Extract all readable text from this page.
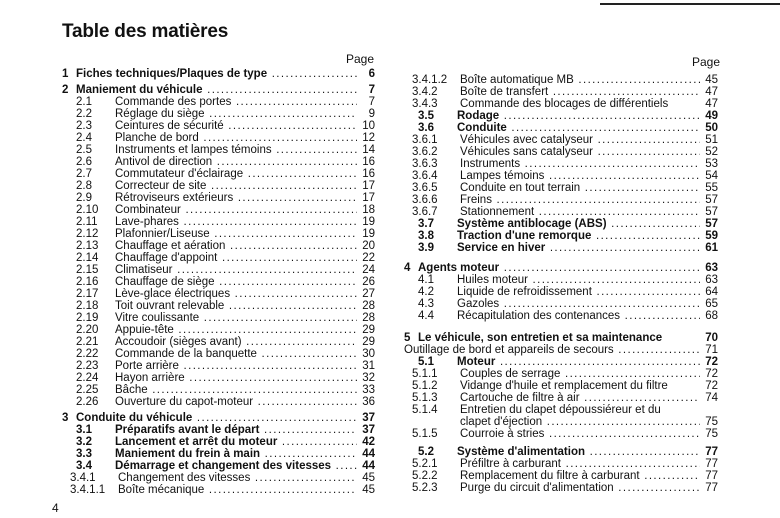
Table des matières
Page	Page
1 Fiches techniques/Plaques de type .....	6
2 Maniement du véhicule .....	7
2.1 Commande des portes .....	7
2.2 Réglage du siège .....	9
2.3 Ceintures de sécurité .....	10
2.4 Planche de bord .....	12
2.5 Instruments et lampes témoins .....	14
2.6 Antivol de direction .....	16
2.7 Commutateur d'éclairage .....	16
2.8 Correcteur de site .....	17
2.9 Rétroviseurs extérieurs .....	17
2.10 Combinateur .....	18
2.11 Lave-phares .....	19
2.12 Plafonnier/Liseuse .....	19
2.13 Chauffage et aération .....	20
2.14 Chauffage d'appoint .....	22
2.15 Climatiseur .....	24
2.16 Chauffage de siège .....	26
2.17 Lève-glace électriques .....	27
2.18 Toit ouvrant relevable .....	28
2.19 Vitre coulissante .....	28
2.20 Appuie-tête .....	29
2.21 Accoudoir (sièges avant) .....	29
2.22 Commande de la banquette .....	30
2.23 Porte arrière .....	31
2.24 Hayon arrière .....	32
2.25 Bâche .....	33
2.26 Ouverture du capot-moteur .....	36
3 Conduite du véhicule .....	37
3.1 Préparatifs avant le départ .....	37
3.2 Lancement et arrêt du moteur .....	42
3.3 Maniement du frein à main .....	44
3.4 Démarrage et changement des vitesses .....	44
3.4.1 Changement des vitesses .....	45
3.4.1.1 Boîte mécanique .....	45
3.4.1.2 Boîte automatique MB .....	45
3.4.2 Boîte de transfert .....	47
3.4.3 Commande des blocages de différentiels	47
3.5 Rodage .....	49
3.6 Conduite .....	50
3.6.1 Véhicules avec catalyseur .....	51
3.6.2 Véhicules sans catalyseur .....	52
3.6.3 Instruments .....	53
3.6.4 Lampes témoins .....	54
3.6.5 Conduite en tout terrain .....	55
3.6.6 Freins .....	57
3.6.7 Stationnement .....	57
3.7 Système antiblocage (ABS) .....	57
3.8 Traction d'une remorque .....	59
3.9 Service en hiver .....	61
4 Agents moteur .....	63
4.1 Huiles moteur .....	63
4.2 Liquide de refroidissement .....	64
4.3 Gazoles .....	65
4.4 Récapitulation des contenances .....	68
5 Le véhicule, son entretien et sa maintenance	70
Outillage de bord et appareils de secours .....	71
5.1 Moteur .....	72
5.1.1 Couples de serrage .....	72
5.1.2 Vidange d'huile et remplacement du filtre	72
5.1.3 Cartouche de filtre à air .....	74
5.1.4 Entretien du clapet dépoussiéreur et du
clapet d'éjection .....	75
5.1.5 Courroie à stries .....	75
5.2 Système d'alimentation .....	77
5.2.1 Préfiltre à carburant .....	77
5.2.2 Remplacement du filtre à carburant .....	77
5.2.3 Purge du circuit d'alimentation .....	77
4
